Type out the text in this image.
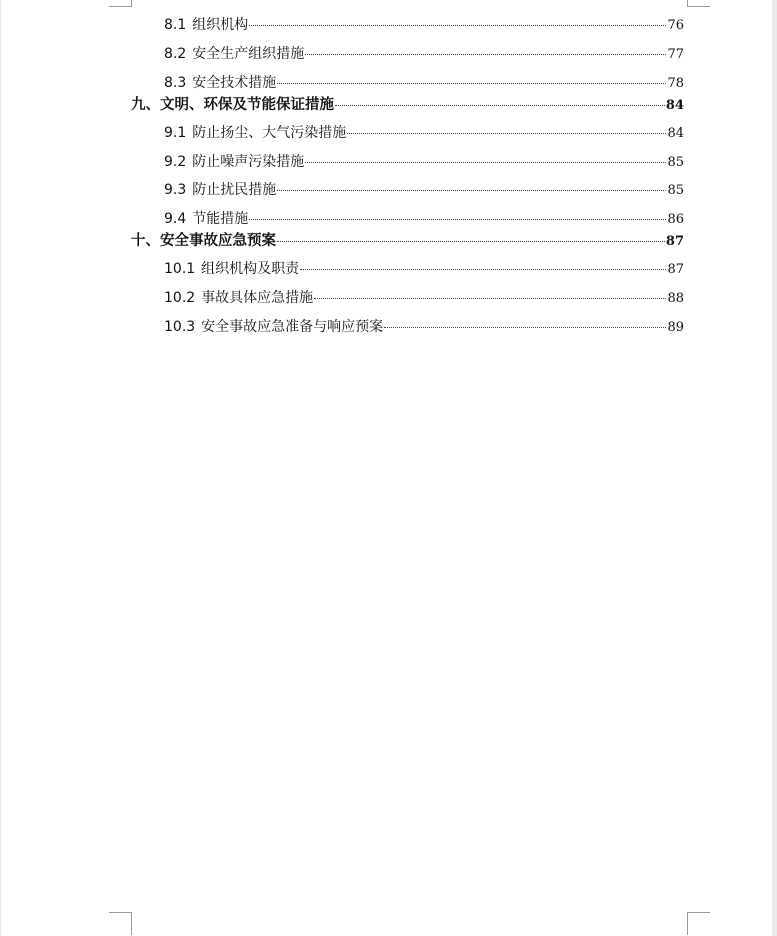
8.1 组织机构	76
8.2 安全生产组织措施	77
8.3 安全技术措施	78
九、文明、环保及节能保证措施	84
9.1 防止扬尘、大气污染措施	84
9.2 防止噪声污染措施	85
9.3 防止扰民措施	85
9.4 节能措施	86
十、安全事故应急预案	87
10.1 组织机构及职责	87
10.2 事故具体应急措施	88
10.3 安全事故应急准备与响应预案	89
